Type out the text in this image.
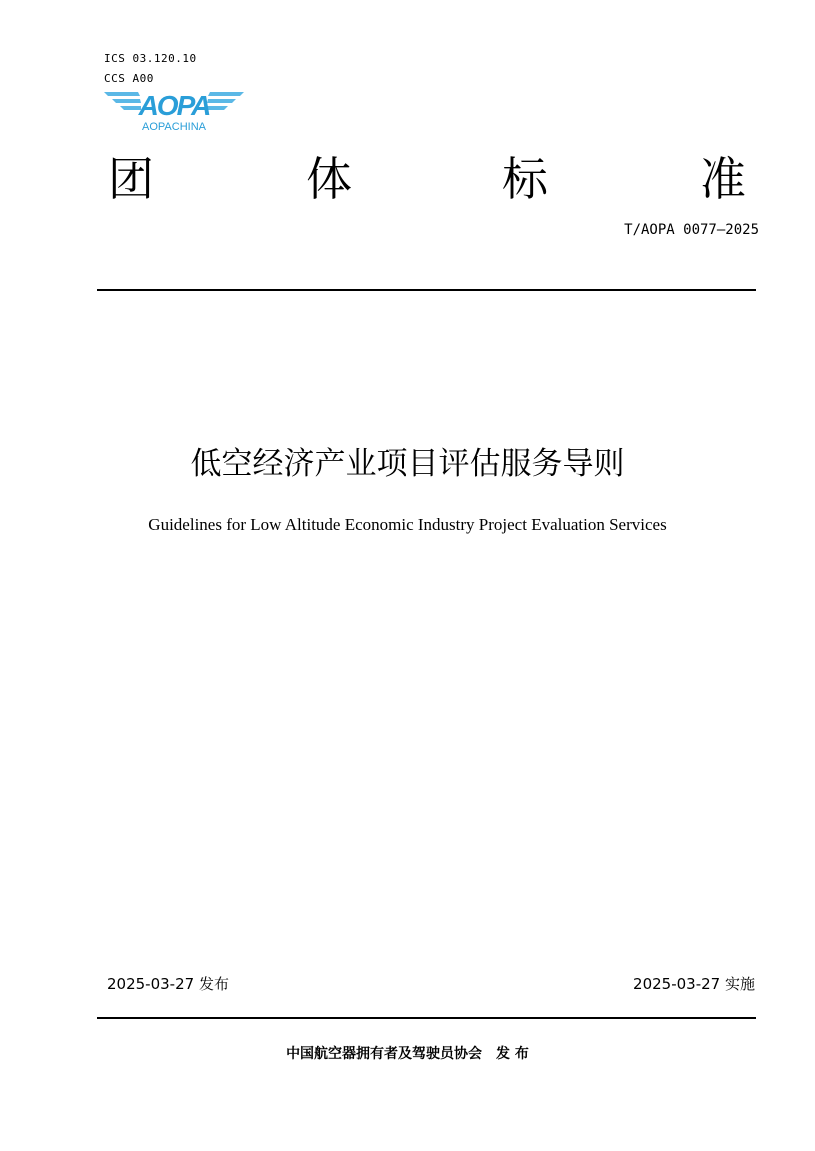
ICS 03.120.10
CCS A00
AOPA
AOPACHINA
团	体	标	准
T/AOPA 0077—2025
低空经济产业项目评估服务导则
Guidelines for Low Altitude Economic Industry Project Evaluation Services
2025-03-27 发布	2025-03-27 实施
中国航空器拥有者及驾驶员协会　发 布
